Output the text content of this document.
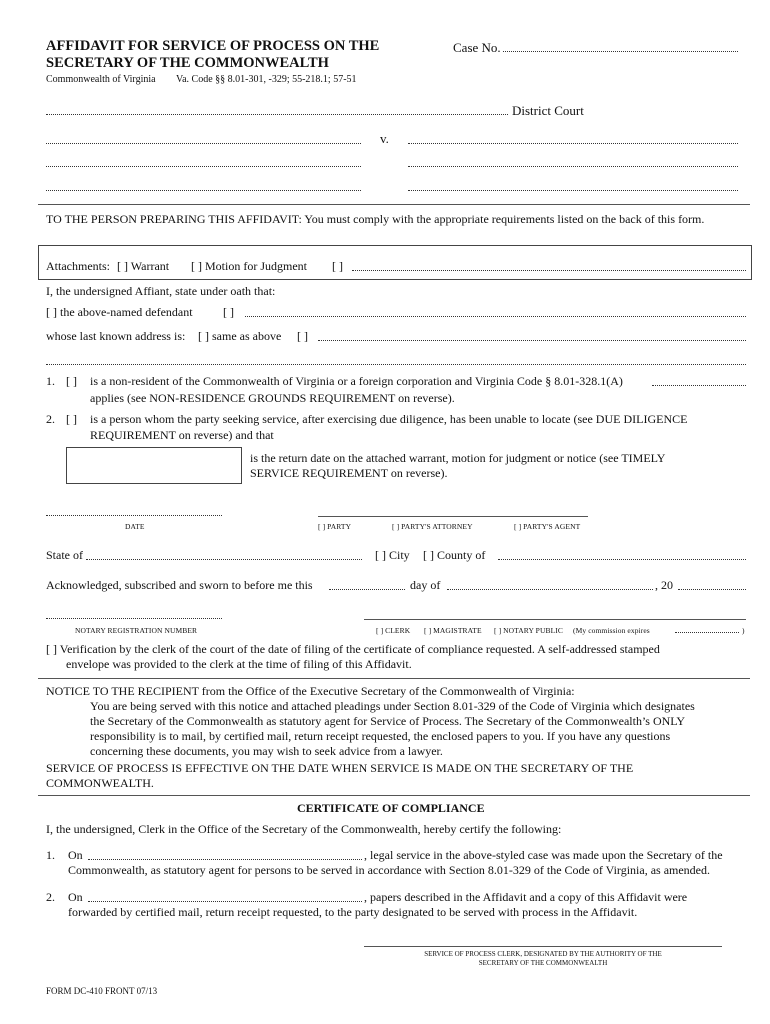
AFFIDAVIT FOR SERVICE OF PROCESS ON THE
SECRETARY OF THE COMMONWEALTH
Commonwealth of Virginia Va. Code §§ 8.01-301, -329; 55-218.1; 57-51
Case No.
District Court
v.
TO THE PERSON PREPARING THIS AFFIDAVIT: You must comply with the appropriate requirements listed on the back of this form.
Attachments: [ ] Warrant [ ] Motion for Judgment [ ]
I, the undersigned Affiant, state under oath that:
[ ] the above-named defendant	[ ]
whose last known address is: [ ] same as above [ ]
1. [ ] is a non-resident of the Commonwealth of Virginia or a foreign corporation and Virginia Code § 8.01-328.1(A)
applies (see NON-RESIDENCE GROUNDS REQUIREMENT on reverse).
2. [ ] is a person whom the party seeking service, after exercising due diligence, has been unable to locate (see DUE DILIGENCE
REQUIREMENT on reverse) and that
is the return date on the attached warrant, motion for judgment or notice (see TIMELY
SERVICE REQUIREMENT on reverse).
DATE	[ ] PARTY	[ ] PARTY'S ATTORNEY	[ ] PARTY'S AGENT
State of	[ ] City [ ] County of
Acknowledged, subscribed and sworn to before me this	day of	, 20
NOTARY REGISTRATION NUMBER	[ ] CLERK [ ] MAGISTRATE [ ] NOTARY PUBLIC (My commission expires	)
[ ] Verification by the clerk of the court of the date of filing of the certificate of compliance requested. A self-addressed stamped
envelope was provided to the clerk at the time of filing of this Affidavit.
NOTICE TO THE RECIPIENT from the Office of the Executive Secretary of the Commonwealth of Virginia:
You are being served with this notice and attached pleadings under Section 8.01-329 of the Code of Virginia which designates
the Secretary of the Commonwealth as statutory agent for Service of Process. The Secretary of the Commonwealth’s ONLY
responsibility is to mail, by certified mail, return receipt requested, the enclosed papers to you. If you have any questions
concerning these documents, you may wish to seek advice from a lawyer.
SERVICE OF PROCESS IS EFFECTIVE ON THE DATE WHEN SERVICE IS MADE ON THE SECRETARY OF THE
COMMONWEALTH.
CERTIFICATE OF COMPLIANCE
I, the undersigned, Clerk in the Office of the Secretary of the Commonwealth, hereby certify the following:
1. On	, legal service in the above-styled case was made upon the Secretary of the
Commonwealth, as statutory agent for persons to be served in accordance with Section 8.01-329 of the Code of Virginia, as amended.
2. On	, papers described in the Affidavit and a copy of this Affidavit were
forwarded by certified mail, return receipt requested, to the party designated to be served with process in the Affidavit.
SERVICE OF PROCESS CLERK, DESIGNATED BY THE AUTHORITY OF THE
SECRETARY OF THE COMMONWEALTH
FORM DC-410 FRONT 07/13
